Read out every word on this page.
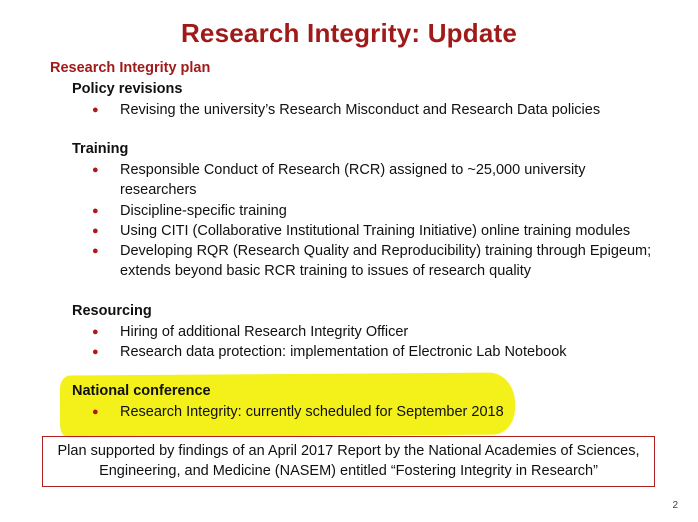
Research Integrity: Update
Research Integrity plan
Policy revisions
● Revising the university’s Research Misconduct and Research Data policies
Training
● Responsible Conduct of Research (RCR) assigned to ~25,000 university researchers
● Discipline-specific training
● Using CITI (Collaborative Institutional Training Initiative) online training modules
● Developing RQR (Research Quality and Reproducibility) training through Epigeum; extends beyond basic RCR training to issues of research quality
Resourcing
● Hiring of additional Research Integrity Officer
● Research data protection: implementation of Electronic Lab Notebook
National conference
● Research Integrity: currently scheduled for September 2018
Plan supported by findings of an April 2017 Report by the National Academies of Sciences, Engineering, and Medicine (NASEM) entitled “Fostering Integrity in Research”
2
